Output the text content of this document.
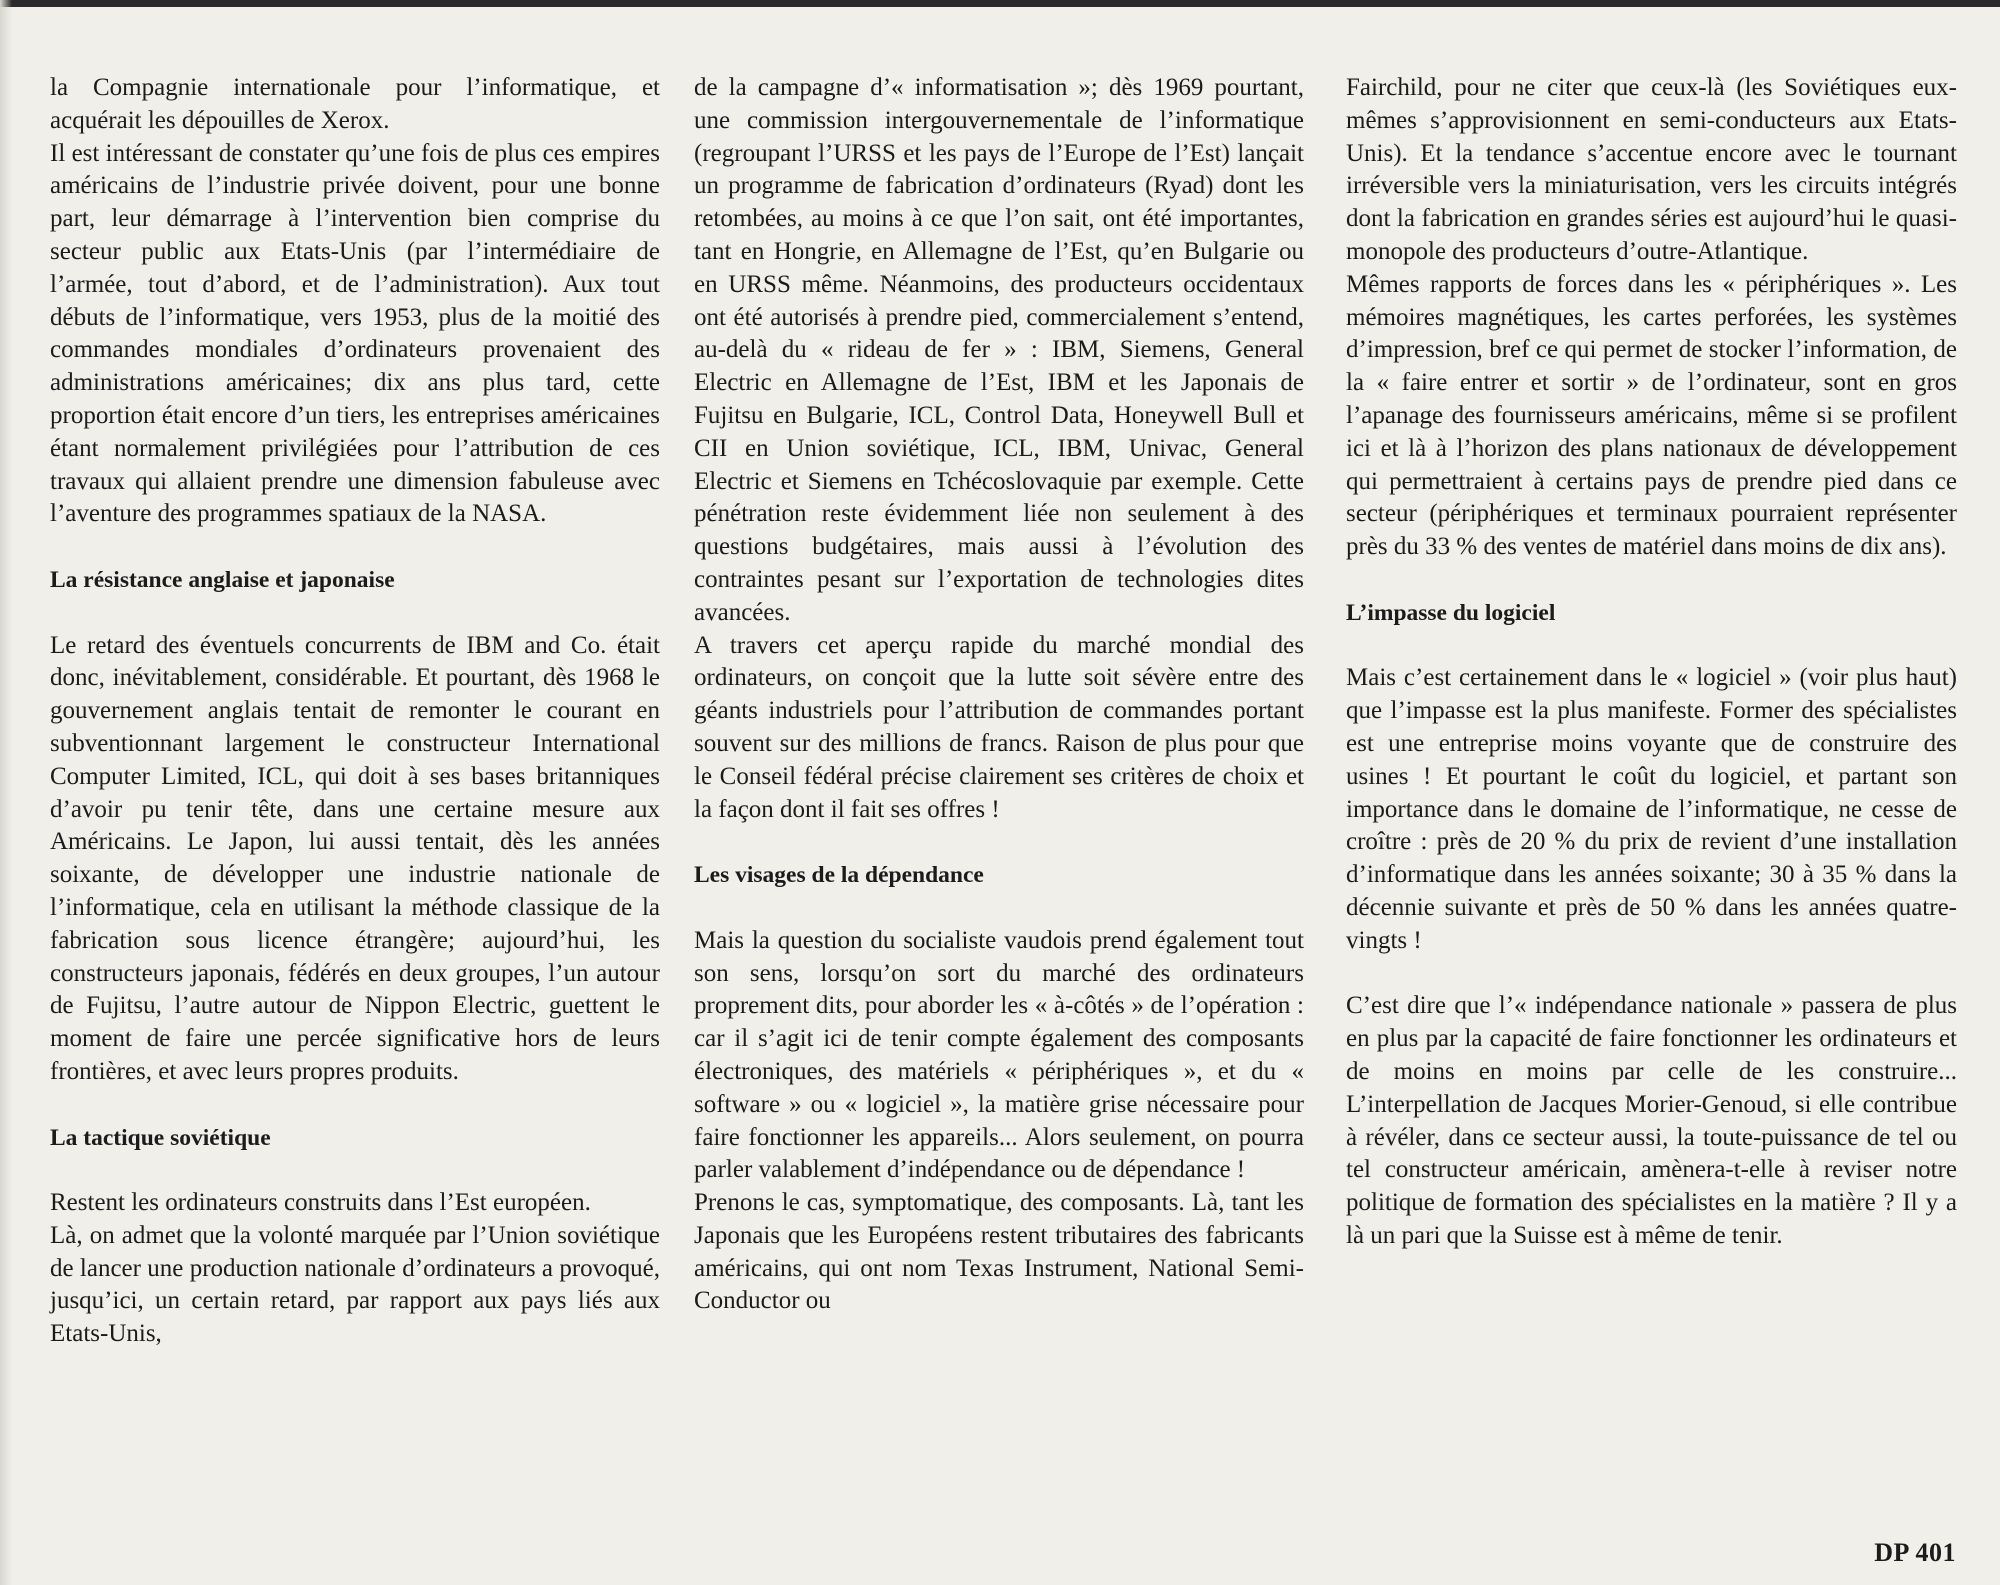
la Compagnie internationale pour l’informatique, et acquérait les dépouilles de Xerox.

Il est intéressant de constater qu’une fois de plus ces empires américains de l’industrie privée doivent, pour une bonne part, leur démarrage à l’intervention bien comprise du secteur public aux Etats-Unis (par l’intermédiaire de l’armée, tout d’abord, et de l’administration). Aux tout débuts de l’informatique, vers 1953, plus de la moitié des commandes mondiales d’ordinateurs provenaient des administrations américaines; dix ans plus tard, cette proportion était encore d’un tiers, les entreprises américaines étant normalement privilégiées pour l’attribution de ces travaux qui allaient prendre une dimension fabuleuse avec l’aventure des programmes spatiaux de la NASA.

La résistance anglaise et japonaise

Le retard des éventuels concurrents de IBM and Co. était donc, inévitablement, considérable. Et pourtant, dès 1968 le gouvernement anglais tentait de remonter le courant en subventionnant largement le constructeur International Computer Limited, ICL, qui doit à ses bases britanniques d’avoir pu tenir tête, dans une certaine mesure aux Américains. Le Japon, lui aussi tentait, dès les années soixante, de développer une industrie nationale de l’informatique, cela en utilisant la méthode classique de la fabrication sous licence étrangère; aujourd’hui, les constructeurs japonais, fédérés en deux groupes, l’un autour de Fujitsu, l’autre autour de Nippon Electric, guettent le moment de faire une percée significative hors de leurs frontières, et avec leurs propres produits.

La tactique soviétique

Restent les ordinateurs construits dans l’Est européen.

Là, on admet que la volonté marquée par l’Union soviétique de lancer une production nationale d’ordinateurs a provoqué, jusqu’ici, un certain retard, par rapport aux pays liés aux Etats-Unis,

de la campagne d’« informatisation »; dès 1969 pourtant, une commission intergouvernementale de l’informatique (regroupant l’URSS et les pays de l’Europe de l’Est) lançait un programme de fabrication d’ordinateurs (Ryad) dont les retombées, au moins à ce que l’on sait, ont été importantes, tant en Hongrie, en Allemagne de l’Est, qu’en Bulgarie ou en URSS même. Néanmoins, des producteurs occidentaux ont été autorisés à prendre pied, commercialement s’entend, au-delà du « rideau de fer » : IBM, Siemens, General Electric en Allemagne de l’Est, IBM et les Japonais de Fujitsu en Bulgarie, ICL, Control Data, Honeywell Bull et CII en Union soviétique, ICL, IBM, Univac, General Electric et Siemens en Tchécoslovaquie par exemple. Cette pénétration reste évidemment liée non seulement à des questions budgétaires, mais aussi à l’évolution des contraintes pesant sur l’exportation de technologies dites avancées.

A travers cet aperçu rapide du marché mondial des ordinateurs, on conçoit que la lutte soit sévère entre des géants industriels pour l’attribution de commandes portant souvent sur des millions de francs. Raison de plus pour que le Conseil fédéral précise clairement ses critères de choix et la façon dont il fait ses offres !

Les visages de la dépendance

Mais la question du socialiste vaudois prend également tout son sens, lorsqu’on sort du marché des ordinateurs proprement dits, pour aborder les « à-côtés » de l’opération : car il s’agit ici de tenir compte également des composants électroniques, des matériels « périphériques », et du « software » ou « logiciel », la matière grise nécessaire pour faire fonctionner les appareils... Alors seulement, on pourra parler valablement d’indépendance ou de dépendance !

Prenons le cas, symptomatique, des composants. Là, tant les Japonais que les Européens restent tributaires des fabricants américains, qui ont nom Texas Instrument, National Semi-Conductor ou

Fairchild, pour ne citer que ceux-là (les Soviétiques eux-mêmes s’approvisionnent en semi-conducteurs aux Etats-Unis). Et la tendance s’accentue encore avec le tournant irréversible vers la miniaturisation, vers les circuits intégrés dont la fabrication en grandes séries est aujourd’hui le quasi-monopole des producteurs d’outre-Atlantique.

Mêmes rapports de forces dans les « périphériques ». Les mémoires magnétiques, les cartes perforées, les systèmes d’impression, bref ce qui permet de stocker l’information, de la « faire entrer et sortir » de l’ordinateur, sont en gros l’apanage des fournisseurs américains, même si se profilent ici et là à l’horizon des plans nationaux de développement qui permettraient à certains pays de prendre pied dans ce secteur (périphériques et terminaux pourraient représenter près du 33 % des ventes de matériel dans moins de dix ans).

L’impasse du logiciel

Mais c’est certainement dans le « logiciel » (voir plus haut) que l’impasse est la plus manifeste. Former des spécialistes est une entreprise moins voyante que de construire des usines ! Et pourtant le coût du logiciel, et partant son importance dans le domaine de l’informatique, ne cesse de croître : près de 20 % du prix de revient d’une installation d’informatique dans les années soixante; 30 à 35 % dans la décennie suivante et près de 50 % dans les années quatre-vingts !

C’est dire que l’« indépendance nationale » passera de plus en plus par la capacité de faire fonctionner les ordinateurs et de moins en moins par celle de les construire... L’interpellation de Jacques Morier-Genoud, si elle contribue à révéler, dans ce secteur aussi, la toute-puissance de tel ou tel constructeur américain, amènera-t-elle à reviser notre politique de formation des spécialistes en la matière ? Il y a là un pari que la Suisse est à même de tenir.

DP 401
